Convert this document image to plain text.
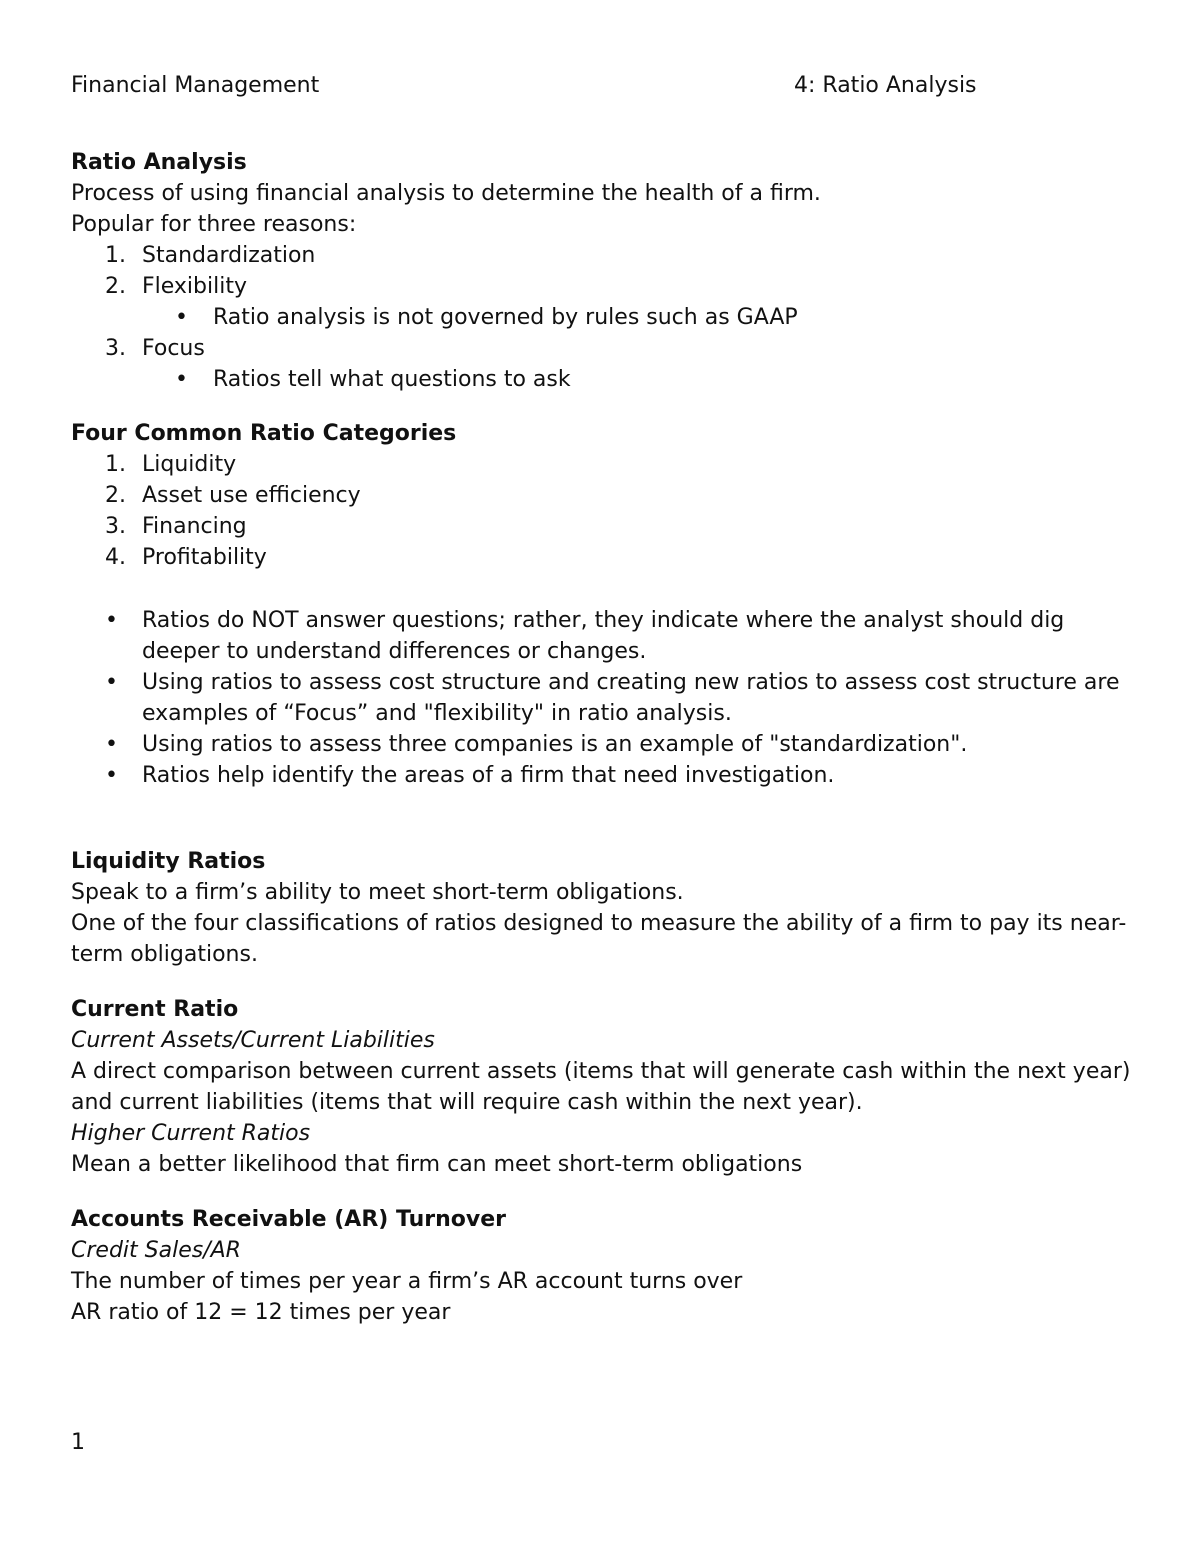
Financial Management	4: Ratio Analysis
Ratio Analysis

Process of using financial analysis to determine the health of a firm.

Popular for three reasons:

1. Standardization
2. Flexibility
• Ratio analysis is not governed by rules such as GAAP
3. Focus
• Ratios tell what questions to ask
Four Common Ratio Categories
1. Liquidity
2. Asset use efficiency
3. Financing
4. Profitability
• Ratios do NOT answer questions; rather, they indicate where the analyst should dig deeper to understand differences or changes.
• Using ratios to assess cost structure and creating new ratios to assess cost structure are examples of “Focus” and "flexibility" in ratio analysis.
• Using ratios to assess three companies is an example of "standardization".
• Ratios help identify the areas of a firm that need investigation.
Liquidity Ratios

Speak to a firm’s ability to meet short-term obligations.

One of the four classifications of ratios designed to measure the ability of a firm to pay its near-term obligations.

Current Ratio

Current Assets/Current Liabilities

A direct comparison between current assets (items that will generate cash within the next year) and current liabilities (items that will require cash within the next year).

Higher Current Ratios

Mean a better likelihood that firm can meet short-term obligations

Accounts Receivable (AR) Turnover

Credit Sales/AR

The number of times per year a firm’s AR account turns over

AR ratio of 12 = 12 times per year

1
